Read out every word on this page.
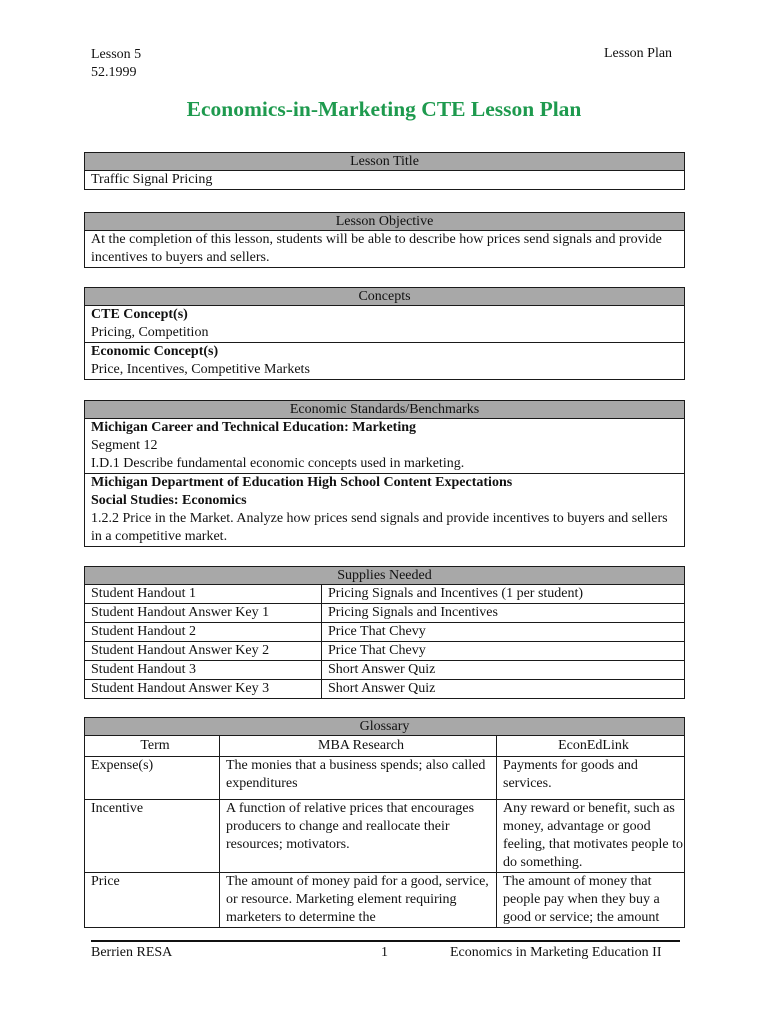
Lesson 5
52.1999
Lesson Plan
Economics-in-Marketing CTE Lesson Plan
Lesson Title
Traffic Signal Pricing
Lesson Objective
At the completion of this lesson, students will be able to describe how prices send signals and provide incentives to buyers and sellers.
Concepts

CTE Concept(s)
Pricing, Competition

Economic Concept(s)
Price, Incentives, Competitive Markets
Economic Standards/Benchmarks

Michigan Career and Technical Education: Marketing
Segment 12
I.D.1 Describe fundamental economic concepts used in marketing.

Michigan Department of Education High School Content Expectations
Social Studies: Economics
1.2.2 Price in the Market. Analyze how prices send signals and provide incentives to buyers and sellers in a competitive market.
Supplies Needed	
Student Handout 1	Pricing Signals and Incentives (1 per student)
Student Handout Answer Key 1	Pricing Signals and Incentives
Student Handout 2	Price That Chevy
Student Handout Answer Key 2	Price That Chevy
Student Handout 3	Short Answer Quiz
Student Handout Answer Key 3	Short Answer Quiz
Glossary		
Term	MBA Research	EconEdLink
Expense(s)	The monies that a business spends; also called expenditures	Payments for goods and services.
Incentive	A function of relative prices that encourages producers to change and reallocate their resources; motivators.	Any reward or benefit, such as money, advantage or good feeling, that motivates people to do something.
Price	The amount of money paid for a good, service, or resource. Marketing element requiring marketers to determine the	The amount of money that people pay when they buy a good or service; the amount
Berrien RESA	1	Economics in Marketing Education II
